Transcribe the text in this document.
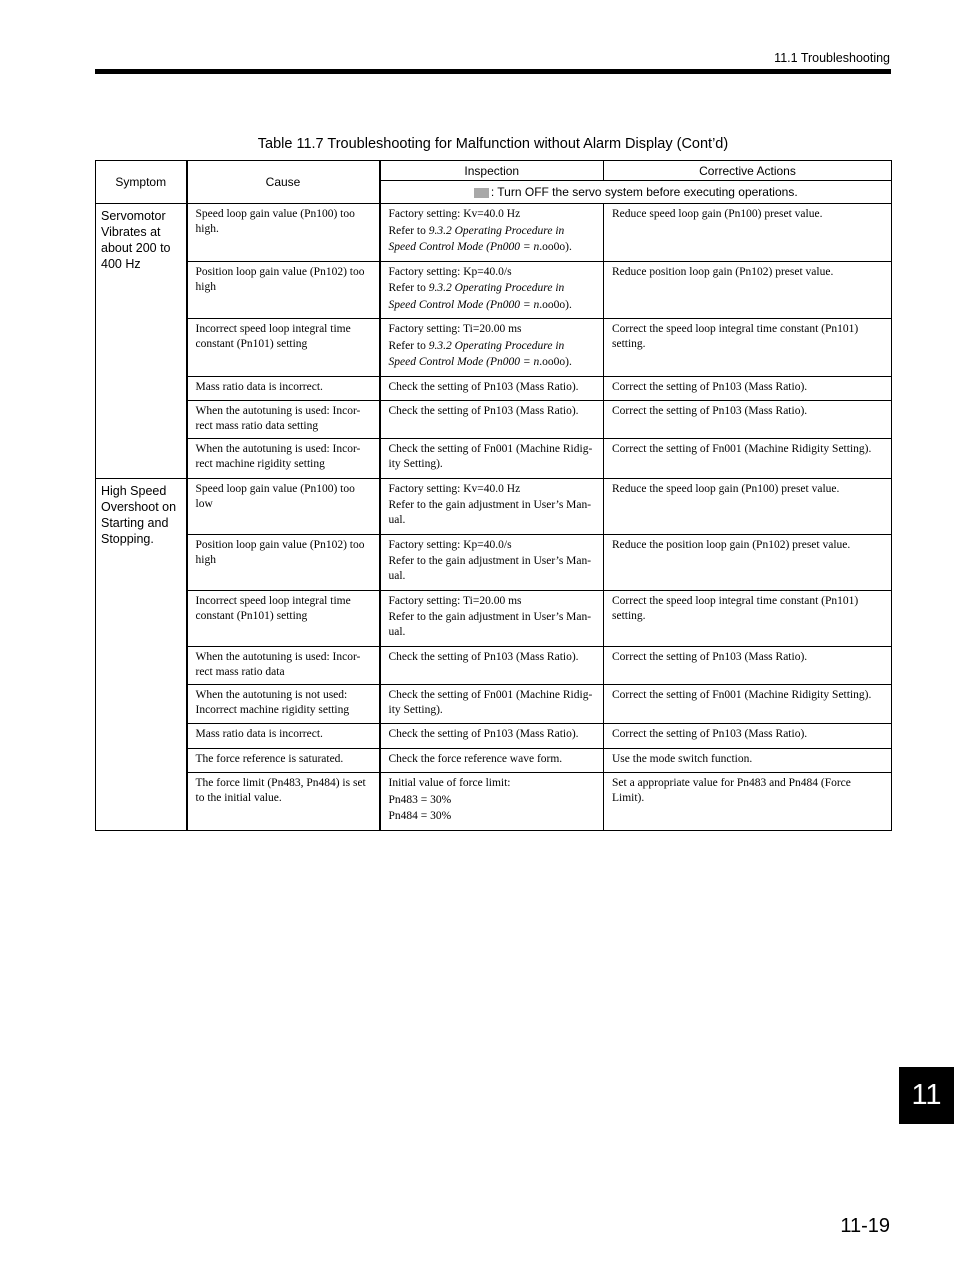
11.1 Troubleshooting
Table 11.7 Troubleshooting for Malfunction without Alarm Display (Cont’d)
Symptom	Cause	Inspection	Corrective Actions
		: Turn OFF the servo system before executing operations.	
Servomotor Vibrates at about 200 to 400 Hz	Speed loop gain value (Pn100) too high.	Factory setting: Kv=40.0 Hz
Refer to 9.3.2 Operating Procedure in
Speed Control Mode (Pn000 = n.oo0o).	Reduce speed loop gain (Pn100) preset value.
	Position loop gain value (Pn102) too high	Factory setting: Kp=40.0/s
Refer to 9.3.2 Operating Procedure in
Speed Control Mode (Pn000 = n.oo0o).	Reduce position loop gain (Pn102) preset value.
	Incorrect speed loop integral time constant (Pn101) setting	Factory setting: Ti=20.00 ms
Refer to 9.3.2 Operating Procedure in
Speed Control Mode (Pn000 = n.oo0o).	Correct the speed loop integral time constant (Pn101) setting.
	Mass ratio data is incorrect.	Check the setting of Pn103 (Mass Ratio).	Correct the setting of Pn103 (Mass Ratio).
	When the autotuning is used: Incor-rect mass ratio data setting	Check the setting of Pn103 (Mass Ratio).	Correct the setting of Pn103 (Mass Ratio).
	When the autotuning is used: Incor-rect machine rigidity setting	Check the setting of Fn001 (Machine Ridig-ity Setting).	Correct the setting of Fn001 (Machine Ridigity Setting).
High Speed Overshoot on Starting and Stopping.	Speed loop gain value (Pn100) too low	Factory setting: Kv=40.0 Hz
Refer to the gain adjustment in User’s Man-ual.	Reduce the speed loop gain (Pn100) preset value.
	Position loop gain value (Pn102) too high	Factory setting: Kp=40.0/s
Refer to the gain adjustment in User’s Man-ual.	Reduce the position loop gain (Pn102) preset value.
	Incorrect speed loop integral time constant (Pn101) setting	Factory setting: Ti=20.00 ms
Refer to the gain adjustment in User’s Man-ual.	Correct the speed loop integral time constant (Pn101) setting.
	When the autotuning is used: Incor-rect mass ratio data	Check the setting of Pn103 (Mass Ratio).	Correct the setting of Pn103 (Mass Ratio).
	When the autotuning is not used: Incorrect machine rigidity setting	Check the setting of Fn001 (Machine Ridig-ity Setting).	Correct the setting of Fn001 (Machine Ridigity Setting).
	Mass ratio data is incorrect.	Check the setting of Pn103 (Mass Ratio).	Correct the setting of Pn103 (Mass Ratio).
	The force reference is saturated.	Check the force reference wave form.	Use the mode switch function.
	The force limit (Pn483, Pn484) is set to the initial value.	Initial value of force limit:
Pn483 = 30%
Pn484 = 30%	Set a appropriate value for Pn483 and Pn484 (Force Limit).
11
11-19
